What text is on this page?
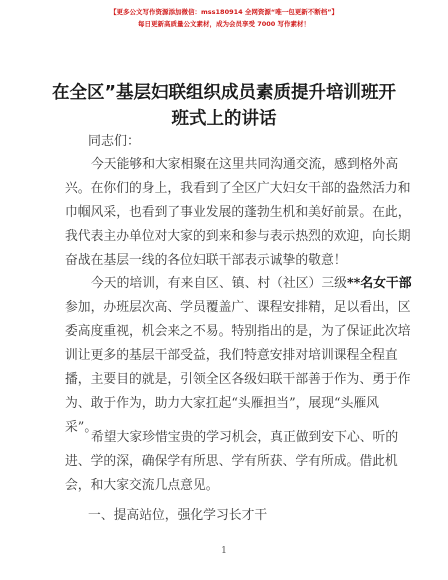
【更多公文写作资源添加微信：mss180914 全网资源“唯一包更新不断档”】
每日更新高质量公文素材，成为会员享受 7000 写作素材！
在全区”基层妇联组织成员素质提升培训班开
班式上的讲话
同志们：
今天能够和大家相聚在这里共同沟通交流，感到格外高
兴。在你们的身上，我看到了全区广大妇女干部的盎然活力和
巾帼风采，也看到了事业发展的蓬勃生机和美好前景。在此，
我代表主办单位对大家的到来和参与表示热烈的欢迎，向长期
奋战在基层一线的各位妇联干部表示诚挚的敬意！
今天的培训，有来自区、镇、村（社区）三级**名女干部
参加，办班层次高、学员覆盖广、课程安排精，足以看出，区
委高度重视，机会来之不易。特别指出的是，为了保证此次培
训让更多的基层干部受益，我们特意安排对培训课程全程直
播，主要目的就是，引领全区各级妇联干部善于作为、勇于作
为、敢于作为，助力大家扛起“头雁担当”，展现“头雁风
采”。
希望大家珍惜宝贵的学习机会，真正做到安下心、听的
进、学的深，确保学有所思、学有所获、学有所成。借此机
会，和大家交流几点意见。
一、提高站位，强化学习长才干
1
